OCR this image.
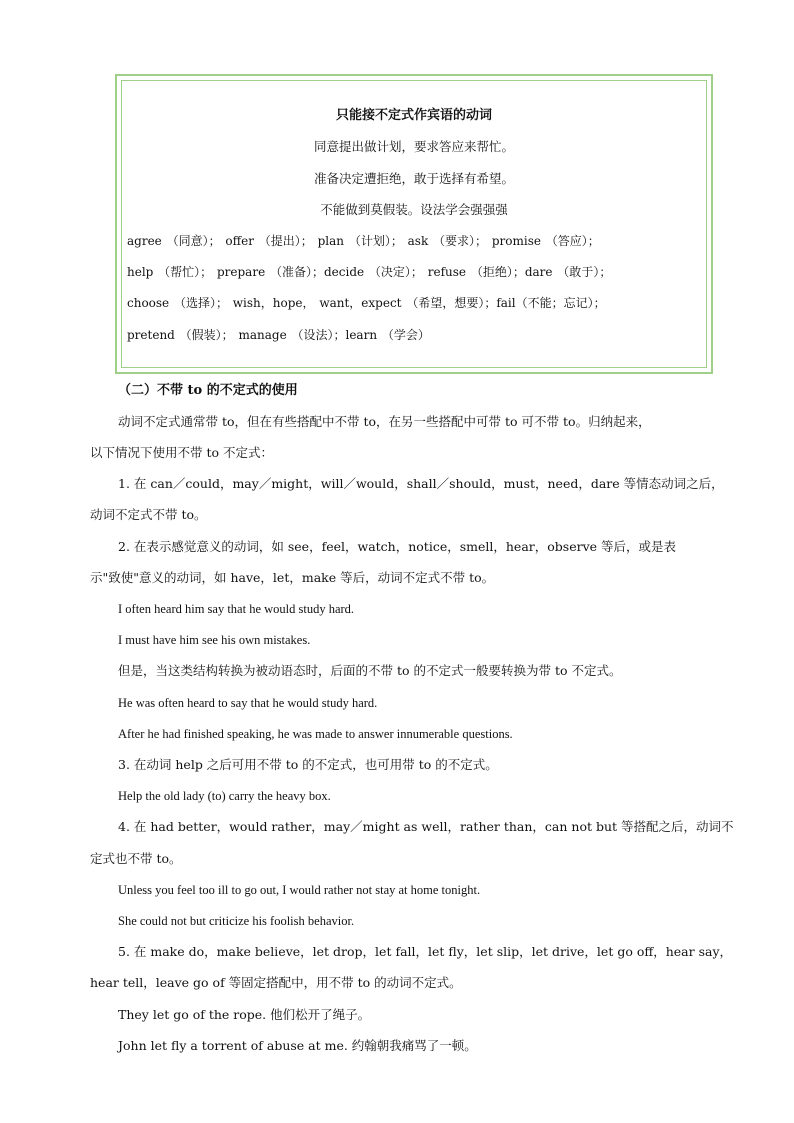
只能接不定式作宾语的动词
同意提出做计划，要求答应来帮忙。
准备决定遭拒绝，敢于选择有希望。
不能做到莫假装。设法学会强强强
agree （同意）； offer （提出）； plan （计划）； ask （要求）； promise （答应）；
help （帮忙）； prepare （准备）；decide （决定）； refuse （拒绝）；dare （敢于）；
choose （选择）； wish，hope， want，expect （希望，想要）；fail（不能；忘记）；
pretend （假装）； manage （设法）；learn （学会）
（二）不带 to 的不定式的使用
动词不定式通常带 to，但在有些搭配中不带 to，在另一些搭配中可带 to 可不带 to。归纳起来，
以下情况下使用不带 to 不定式：
1. 在 can／could，may／might，will／would，shall／should，must，need，dare 等情态动词之后，
动词不定式不带 to。
2. 在表示感觉意义的动词，如 see，feel，watch，notice，smell，hear，observe 等后，或是表
示"致使"意义的动词，如 have，let，make 等后，动词不定式不带 to。
I often heard him say that he would study hard.
I must have him see his own mistakes.
但是，当这类结构转换为被动语态时，后面的不带 to 的不定式一般要转换为带 to 不定式。
He was often heard to say that he would study hard.
After he had finished speaking, he was made to answer innumerable questions.
3. 在动词 help 之后可用不带 to 的不定式，也可用带 to 的不定式。
Help the old lady (to) carry the heavy box.
4. 在 had better，would rather，may／might as well，rather than，can not but 等搭配之后，动词不
定式也不带 to。
Unless you feel too ill to go out, I would rather not stay at home tonight.
She could not but criticize his foolish behavior.
5. 在 make do，make believe，let drop，let fall，let fly，let slip，let drive，let go off，hear say，
hear tell，leave go of 等固定搭配中，用不带 to 的动词不定式。
They let go of the rope. 他们松开了绳子。
John let fly a torrent of abuse at me. 约翰朝我痛骂了一顿。
